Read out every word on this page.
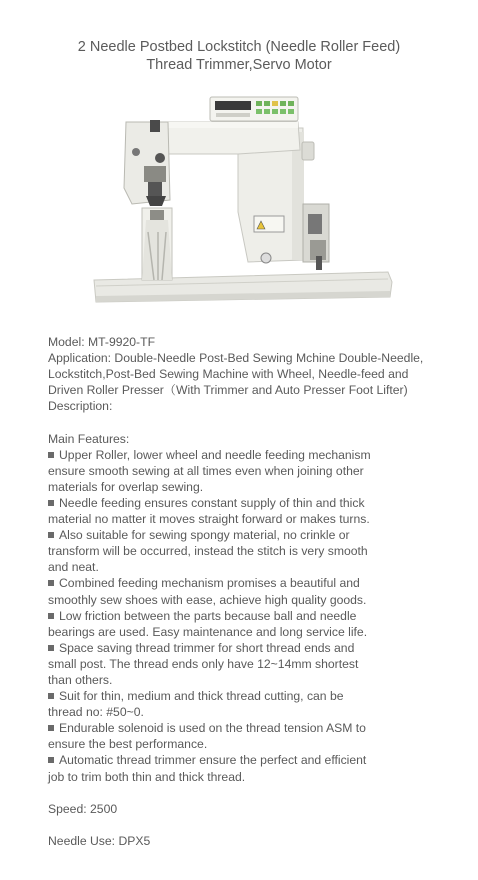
2 Needle Postbed Lockstitch (Needle Roller Feed)
Thread Trimmer,Servo Motor
Model: MT-9920-TF
Application: Double-Needle Post-Bed Sewing Mchine Double-Needle,
Lockstitch,Post-Bed Sewing Machine with Wheel, Needle-feed and
Driven Roller Presser（With Trimmer and Auto Presser Foot Lifter)
Description:
Main Features:
Upper Roller, lower wheel and needle feeding mechanism
ensure smooth sewing at all times even when joining other
materials for overlap sewing.
Needle feeding ensures constant supply of thin and thick
material no matter it moves straight forward or makes turns.
Also suitable for sewing spongy material, no crinkle or
transform will be occurred, instead the stitch is very smooth
and neat.
Combined feeding mechanism promises a beautiful and
smoothly sew shoes with ease, achieve high quality goods.
Low friction between the parts because ball and needle
bearings are used. Easy maintenance and long service life.
Space saving thread trimmer for short thread ends and
small post. The thread ends only have 12~14mm shortest
than others.
Suit for thin, medium and thick thread cutting, can be
thread no: #50~0.
Endurable solenoid is used on the thread tension ASM to
ensure the best performance.
Automatic thread trimmer ensure the perfect and efficient
job to trim both thin and thick thread.
Speed: 2500
Needle Use: DPX5
